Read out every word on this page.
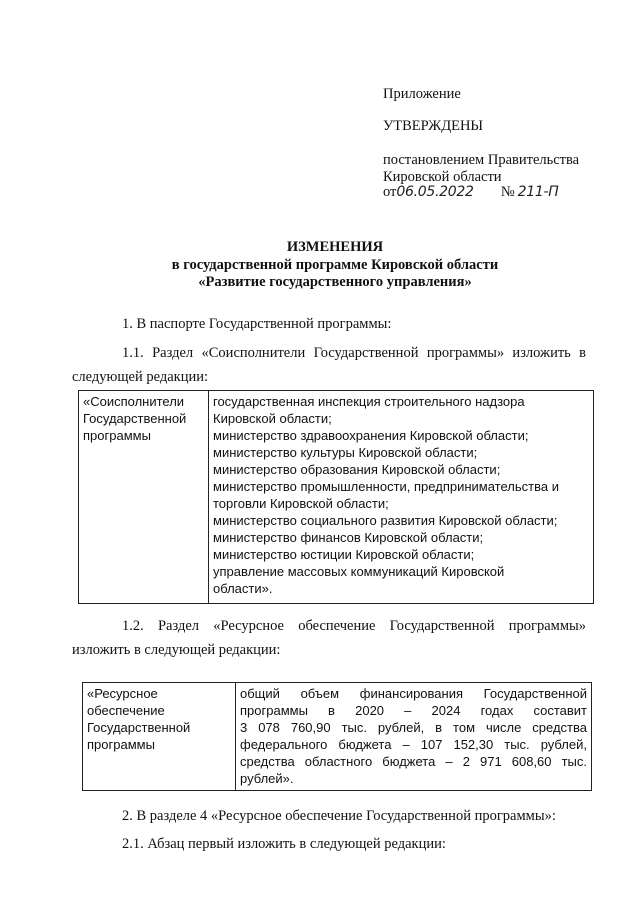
Приложение
УТВЕРЖДЕНЫ
постановлением Правительства
Кировской области
от06.05.2022 № 211-П
ИЗМЕНЕНИЯ
в государственной программе Кировской области
«Развитие государственного управления»
1. В паспорте Государственной программы:
1.1. Раздел «Соисполнители Государственной программы» изложить в
следующей редакции:
«Соисполнители
Государственной
программы

государственная инспекция строительного надзора
Кировской области;
министерство здравоохранения Кировской области;
министерство культуры Кировской области;
министерство образования Кировской области;
министерство промышленности, предпринимательства и
торговли Кировской области;
министерство социального развития Кировской области;
министерство финансов Кировской области;
министерство юстиции Кировской области;
управление массовых коммуникаций Кировской
области».
1.2. Раздел «Ресурсное обеспечение Государственной программы»
изложить в следующей редакции:
«Ресурсное
обеспечение
Государственной
программы

общий объем финансирования Государственной
программы в 2020 – 2024 годах составит
3 078 760,90 тыс. рублей, в том числе средства
федерального бюджета – 107 152,30 тыс. рублей,
средства областного бюджета – 2 971 608,60 тыс.
рублей».
2. В разделе 4 «Ресурсное обеспечение Государственной программы»:
2.1. Абзац первый изложить в следующей редакции:
